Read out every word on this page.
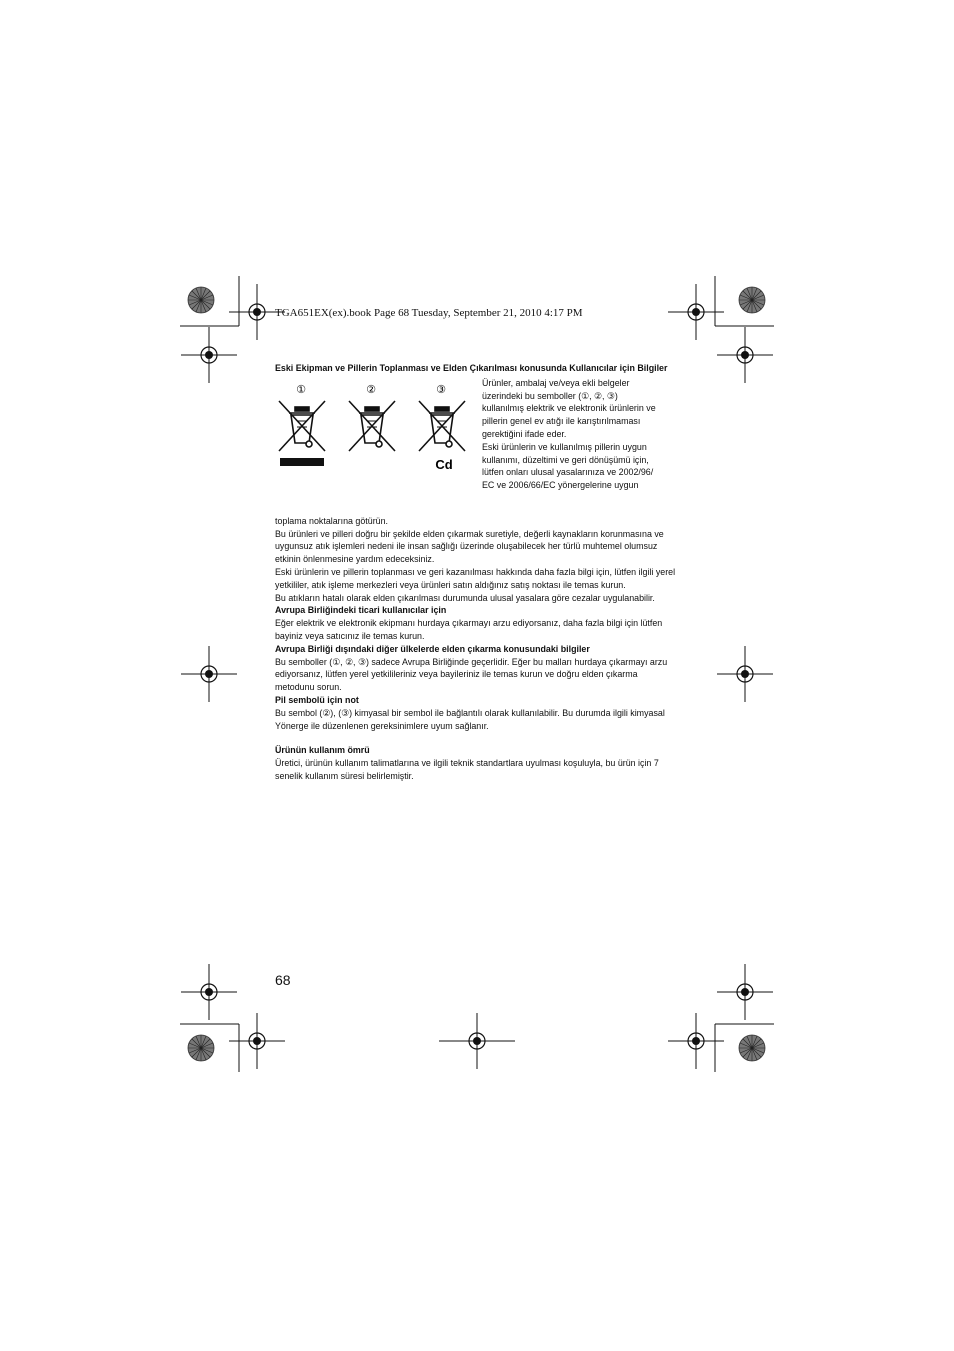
TGA651EX(ex).book Page 68 Tuesday, September 21, 2010 4:17 PM

Eski Ekipman ve Pillerin Toplanması ve Elden Çıkarılması konusunda Kullanıcılar için Bilgiler

①	②	③
Cd

Ürünler, ambalaj ve/veya ekli belgeler

üzerindeki bu semboller (①, ②, ③)

kullanılmış elektrik ve elektronik ürünlerin ve

pillerin genel ev atığı ile karıştırılmaması

gerektiğini ifade eder.

Eski ürünlerin ve kullanılmış pillerin uygun

kullanımı, düzeltimi ve geri dönüşümü için,

lütfen onları ulusal yasalarınıza ve 2002/96/

EC ve 2006/66/EC yönergelerine uygun

toplama noktalarına götürün.

Bu ürünleri ve pilleri doğru bir şekilde elden çıkarmak suretiyle, değerli kaynakların korunmasına ve uygunsuz atık işlemleri nedeni ile insan sağlığı üzerinde oluşabilecek her türlü muhtemel olumsuz etkinin önlenmesine yardım edeceksiniz.

Eski ürünlerin ve pillerin toplanması ve geri kazanılması hakkında daha fazla bilgi için, lütfen ilgili yerel yetkililer, atık işleme merkezleri veya ürünleri satın aldığınız satış noktası ile temas kurun.

Bu atıkların hatalı olarak elden çıkarılması durumunda ulusal yasalara göre cezalar uygulanabilir.

Avrupa Birliğindeki ticari kullanıcılar için

Eğer elektrik ve elektronik ekipmanı hurdaya çıkarmayı arzu ediyorsanız, daha fazla bilgi için lütfen bayiniz veya satıcınız ile temas kurun.

Avrupa Birliği dışındaki diğer ülkelerde elden çıkarma konusundaki bilgiler

Bu semboller (①, ②, ③) sadece Avrupa Birliğinde geçerlidir. Eğer bu malları hurdaya çıkarmayı arzu ediyorsanız, lütfen yerel yetkilileriniz veya bayileriniz ile temas kurun ve doğru elden çıkarma metodunu sorun.

Pil sembolü için not

Bu sembol (②), (③) kimyasal bir sembol ile bağlantılı olarak kullanılabilir. Bu durumda ilgili kimyasal Yönerge ile düzenlenen gereksinimlere uyum sağlanır.

Ürünün kullanım ömrü

Üretici, ürünün kullanım talimatlarına ve ilgili teknik standartlara uyulması koşuluyla, bu ürün için 7 senelik kullanım süresi belirlemiştir.

68
